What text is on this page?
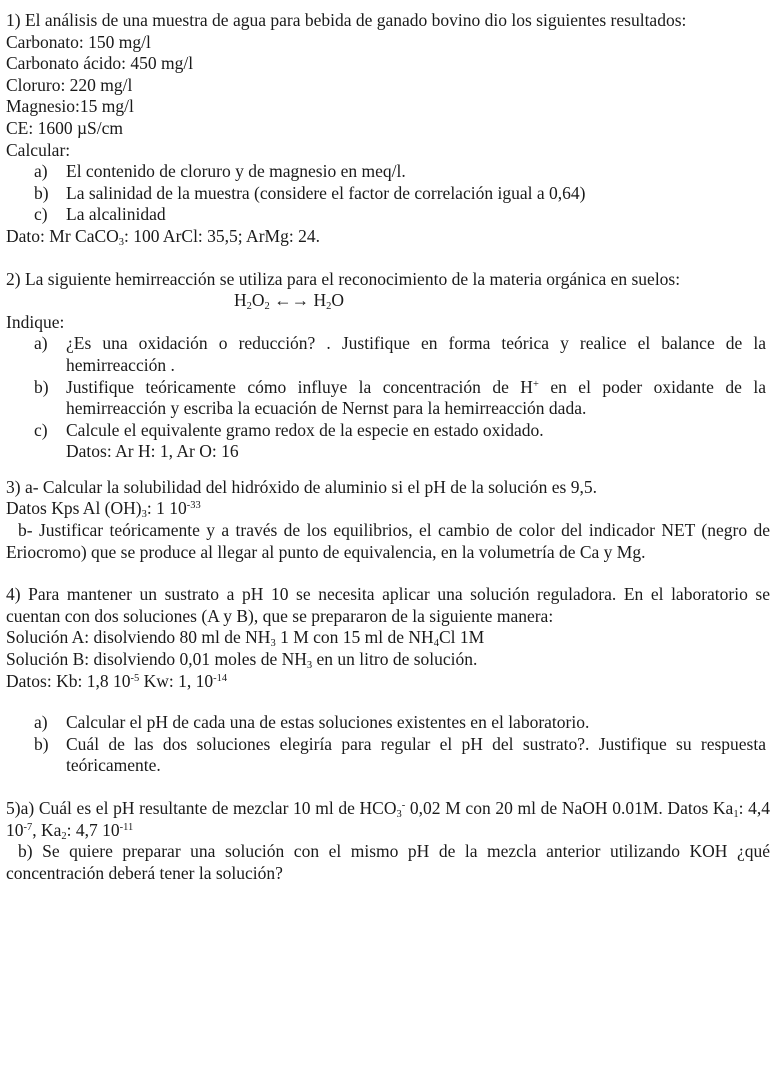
1) El análisis de una muestra de agua para bebida de ganado bovino dio los siguientes resultados:
Carbonato: 150 mg/l
Carbonato ácido: 450 mg/l
Cloruro: 220 mg/l
Magnesio:15 mg/l
CE: 1600 µS/cm
Calcular:
a)	El contenido de cloruro y de magnesio en meq/l.
b) La salinidad de la muestra (considere el factor de correlación igual a 0,64)
c)	La alcalinidad
Dato: Mr CaCO$_3$: 100 ArCl: 35,5; ArMg: 24.
2) La siguiente hemirreacción se utiliza para el reconocimiento de la materia orgánica en suelos:
$H_2O_2$ ←→ $H_2O$
Indique:
a)	¿Es una oxidación o reducción? . Justifique en forma teórica y realice el balance de la hemirreacción .
b) Justifique teóricamente cómo influye la concentración de H+ en el poder oxidante de la hemirreacción y escriba la ecuación de Nernst para la hemirreacción dada.
c)	Calcule el equivalente gramo redox de la especie en estado oxidado.
Datos: Ar H: 1, Ar O: 16
3) a- Calcular la solubilidad del hidróxido de aluminio si el pH de la solución es 9,5.
Datos Kps Al $(OH)_3$: 1 $10^{-33}$
b- Justificar teóricamente y a través de los equilibrios, el cambio de color del indicador NET (negro de Eriocromo) que se produce al llegar al punto de equivalencia, en la volumetría de Ca y Mg.
4) Para mantener un sustrato a pH 10 se necesita aplicar una solución reguladora. En el laboratorio se cuentan con dos soluciones (A y B), que se prepararon de la siguiente manera:
Solución A: disolviendo 80 ml de $NH_3$ 1 M con 15 ml de $NH_4Cl$ 1M
Solución B: disolviendo 0,01 moles de $NH_3$ en un litro de solución.
Datos: Kb: 1,8 $10^{-5}$ Kw: 1, $10^{-14}$
a)	Calcular el pH de cada una de estas soluciones existentes en el laboratorio.
b) Cuál de las dos soluciones elegiría para regular el pH del sustrato?. Justifique su respuesta teóricamente.
5)a) Cuál es el pH resultante de mezclar 10 ml de $HCO_3^-$ 0,02 M con 20 ml de NaOH 0.01M. Datos $Ka_1$: 4,4 $10^{-7}$, $Ka_2$: 4,7 $10^{-11}$
b) Se quiere preparar una solución con el mismo pH de la mezcla anterior utilizando KOH ¿qué concentración deberá tener la solución?
